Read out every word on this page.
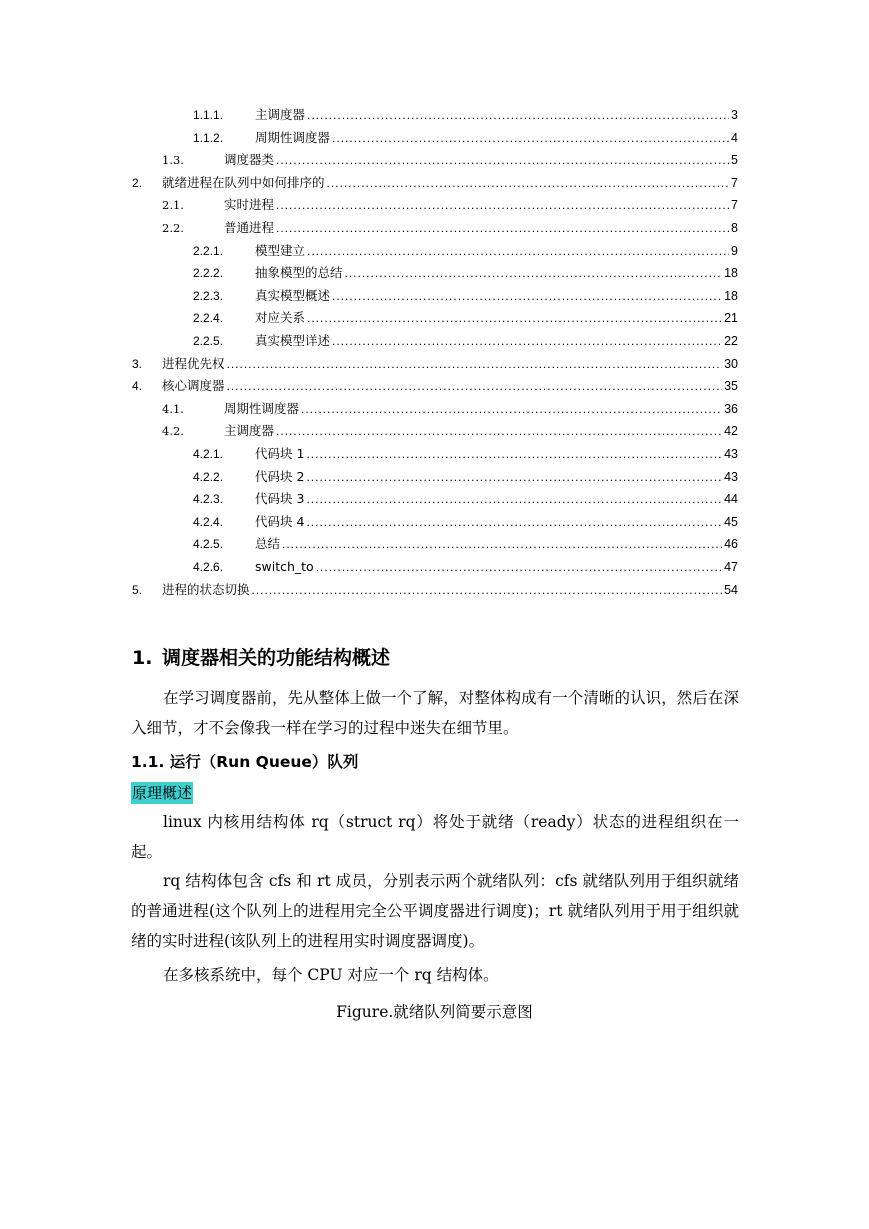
1.1.1.	主调度器 .....	3
1.1.2.	周期性调度器 .....	4
1.3.	调度器类 .....	5
2.	就绪进程在队列中如何排序的 .....	7
2.1.	实时进程 .....	7
2.2.	普通进程 .....	8
2.2.1.	模型建立 .....	9
2.2.2.	抽象模型的总结 .....	18
2.2.3.	真实模型概述 .....	18
2.2.4.	对应关系 .....	21
2.2.5.	真实模型详述 .....	22
3.	进程优先权 .....	30
4.	核心调度器 .....	35
4.1.	周期性调度器 .....	36
4.2.	主调度器 .....	42
4.2.1.	代码块 1 .....	43
4.2.2.	代码块 2 .....	43
4.2.3.	代码块 3 .....	44
4.2.4.	代码块 4 .....	45
4.2.5.	总结 .....	46
4.2.6.	switch_to .....	47
5.	进程的状态切换 .....	54
1. 调度器相关的功能结构概述

在学习调度器前，先从整体上做一个了解，对整体构成有一个清晰的认识，然后在深入细节，才不会像我一样在学习的过程中迷失在细节里。

1.1. 运行（Run Queue）队列
原理概述

linux 内核用结构体 rq（struct rq）将处于就绪（ready）状态的进程组织在一起。

rq 结构体包含 cfs 和 rt 成员，分别表示两个就绪队列：cfs 就绪队列用于组织就绪的普通进程(这个队列上的进程用完全公平调度器进行调度)；rt 就绪队列用于用于组织就绪的实时进程(该队列上的进程用实时调度器调度)。

在多核系统中，每个 CPU 对应一个 rq 结构体。

Figure.就绪队列简要示意图
